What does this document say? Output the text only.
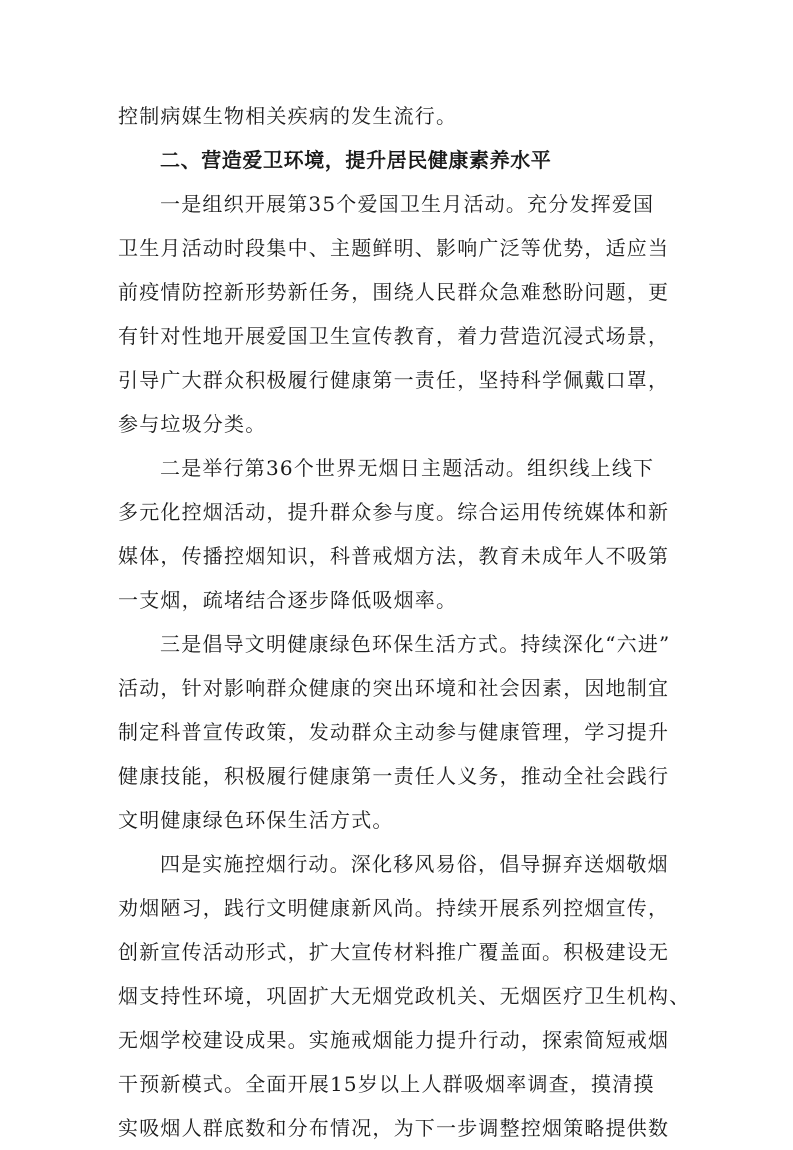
控制病媒生物相关疾病的发生流行。
二、营造爱卫环境，提升居民健康素养水平
一是组织开展第35个爱国卫生月活动。充分发挥爱国
卫生月活动时段集中、主题鲜明、影响广泛等优势，适应当
前疫情防控新形势新任务，围绕人民群众急难愁盼问题，更
有针对性地开展爱国卫生宣传教育，着力营造沉浸式场景，
引导广大群众积极履行健康第一责任，坚持科学佩戴口罩，
参与垃圾分类。
二是举行第36个世界无烟日主题活动。组织线上线下
多元化控烟活动，提升群众参与度。综合运用传统媒体和新
媒体，传播控烟知识，科普戒烟方法，教育未成年人不吸第
一支烟，疏堵结合逐步降低吸烟率。
三是倡导文明健康绿色环保生活方式。持续深化“六进”
活动，针对影响群众健康的突出环境和社会因素，因地制宜
制定科普宣传政策，发动群众主动参与健康管理，学习提升
健康技能，积极履行健康第一责任人义务，推动全社会践行
文明健康绿色环保生活方式。
四是实施控烟行动。深化移风易俗，倡导摒弃送烟敬烟
劝烟陋习，践行文明健康新风尚。持续开展系列控烟宣传，
创新宣传活动形式，扩大宣传材料推广覆盖面。积极建设无
烟支持性环境，巩固扩大无烟党政机关、无烟医疗卫生机构、
无烟学校建设成果。实施戒烟能力提升行动，探索简短戒烟
干预新模式。全面开展15岁以上人群吸烟率调查，摸清摸
实吸烟人群底数和分布情况，为下一步调整控烟策略提供数
